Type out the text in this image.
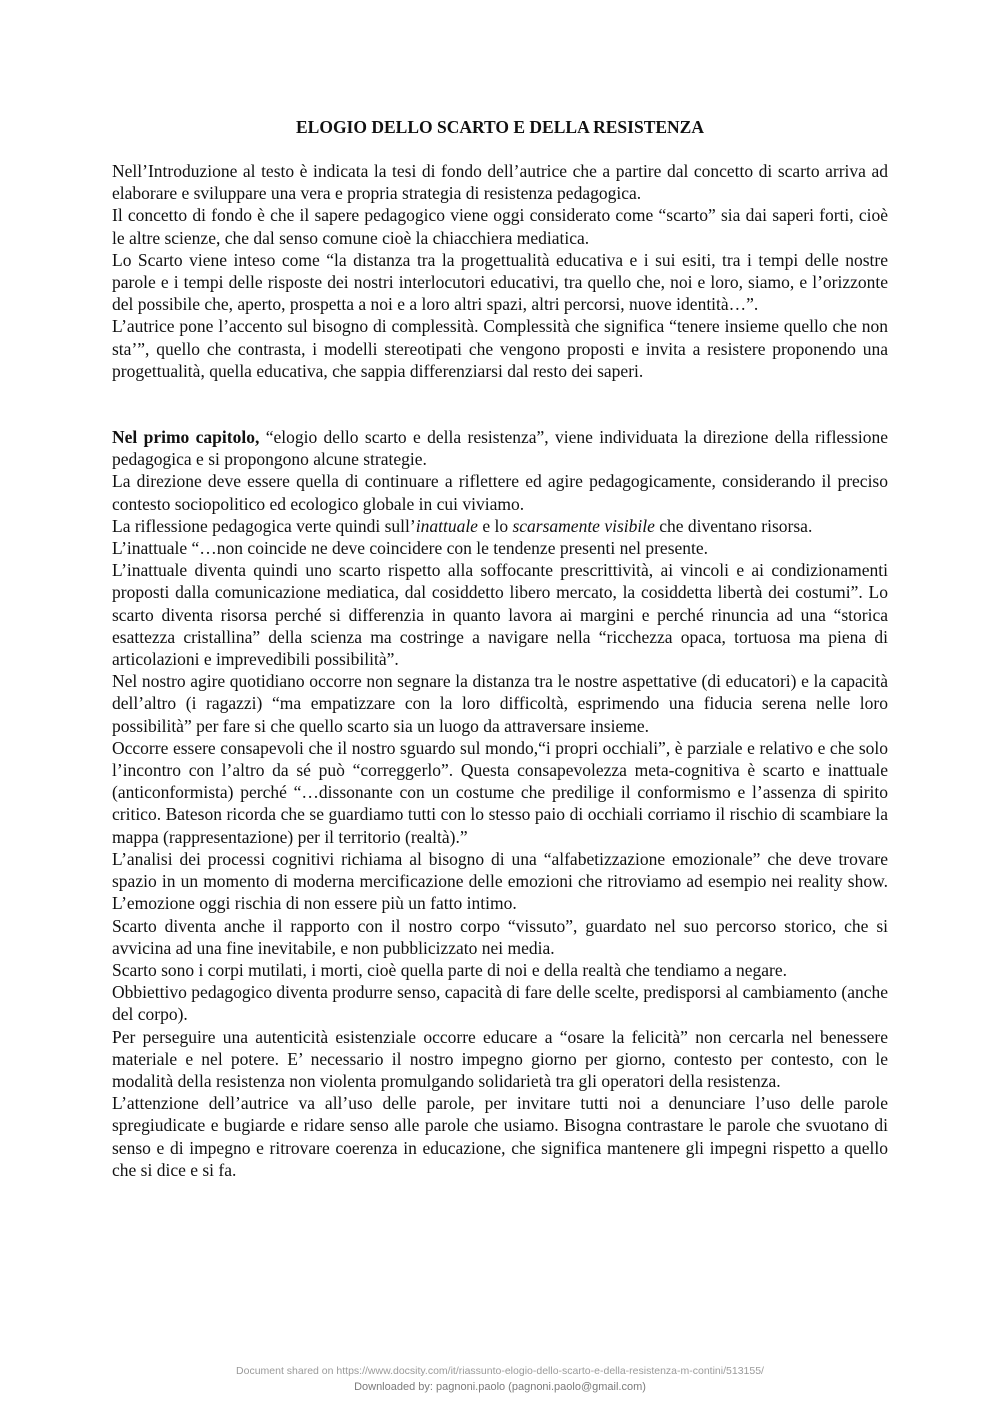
ELOGIO DELLO SCARTO E DELLA RESISTENZA

Nell’Introduzione al testo è indicata la tesi di fondo dell’autrice che a partire dal concetto di scarto arriva ad elaborare e sviluppare una vera e propria strategia di resistenza pedagogica.

Il concetto di fondo è che il sapere pedagogico viene oggi considerato come “scarto” sia dai saperi forti, cioè le altre scienze, che dal senso comune cioè la chiacchiera mediatica.

Lo Scarto viene inteso come “la distanza tra la progettualità educativa e i sui esiti, tra i tempi delle nostre parole e i tempi delle risposte dei nostri interlocutori educativi, tra quello che, noi e loro, siamo, e l’orizzonte del possibile che, aperto, prospetta a noi e a loro altri spazi, altri percorsi, nuove identità…”.

L’autrice pone l’accento sul bisogno di complessità. Complessità che significa “tenere insieme quello che non sta’”, quello che contrasta, i modelli stereotipati che vengono proposti e invita a resistere proponendo una progettualità, quella educativa, che sappia differenziarsi dal resto dei saperi.

Nel primo capitolo, “elogio dello scarto e della resistenza”, viene individuata la direzione della riflessione pedagogica e si propongono alcune strategie.

La direzione deve essere quella di continuare a riflettere ed agire pedagogicamente, considerando il preciso contesto sociopolitico ed ecologico globale in cui viviamo.

La riflessione pedagogica verte quindi sull’inattuale e lo scarsamente visibile che diventano risorsa.

L’inattuale “…non coincide ne deve coincidere con le tendenze presenti nel presente.

L’inattuale diventa quindi uno scarto rispetto alla soffocante prescrittività, ai vincoli e ai condizionamenti proposti dalla comunicazione mediatica, dal cosiddetto libero mercato, la cosiddetta libertà dei costumi”. Lo scarto diventa risorsa perché si differenzia in quanto lavora ai margini e perché rinuncia ad una “storica esattezza cristallina” della scienza ma costringe a navigare nella “ricchezza opaca, tortuosa ma piena di articolazioni e imprevedibili possibilità”.

Nel nostro agire quotidiano occorre non segnare la distanza tra le nostre aspettative (di educatori) e la capacità dell’altro (i ragazzi) “ma empatizzare con la loro difficoltà, esprimendo una fiducia serena nelle loro possibilità” per fare si che quello scarto sia un luogo da attraversare insieme.

Occorre essere consapevoli che il nostro sguardo sul mondo,“i propri occhiali”, è parziale e relativo e che solo l’incontro con l’altro da sé può “correggerlo”. Questa consapevolezza meta-cognitiva è scarto e inattuale (anticonformista) perché “…dissonante con un costume che predilige il conformismo e l’assenza di spirito critico. Bateson ricorda che se guardiamo tutti con lo stesso paio di occhiali corriamo il rischio di scambiare la mappa (rappresentazione) per il territorio (realtà).”

L’analisi dei processi cognitivi richiama al bisogno di una “alfabetizzazione emozionale” che deve trovare spazio in un momento di moderna mercificazione delle emozioni che ritroviamo ad esempio nei reality show. L’emozione oggi rischia di non essere più un fatto intimo.

Scarto diventa anche il rapporto con il nostro corpo “vissuto”, guardato nel suo percorso storico, che si avvicina ad una fine inevitabile, e non pubblicizzato nei media.

Scarto sono i corpi mutilati, i morti, cioè quella parte di noi e della realtà che tendiamo a negare.

Obbiettivo pedagogico diventa produrre senso, capacità di fare delle scelte, predisporsi al cambiamento (anche del corpo).

Per perseguire una autenticità esistenziale occorre educare a “osare la felicità” non cercarla nel benessere materiale e nel potere. E’ necessario il nostro impegno giorno per giorno, contesto per contesto, con le modalità della resistenza non violenta promulgando solidarietà tra gli operatori della resistenza.

L’attenzione dell’autrice va all’uso delle parole, per invitare tutti noi a denunciare l’uso delle parole spregiudicate e bugiarde e ridare senso alle parole che usiamo. Bisogna contrastare le parole che svuotano di senso e di impegno e ritrovare coerenza in educazione, che significa mantenere gli impegni rispetto a quello che si dice e si fa.

Document shared on https://www.docsity.com/it/riassunto-elogio-dello-scarto-e-della-resistenza-m-contini/513155/
Downloaded by: pagnoni.paolo (pagnoni.paolo@gmail.com)
